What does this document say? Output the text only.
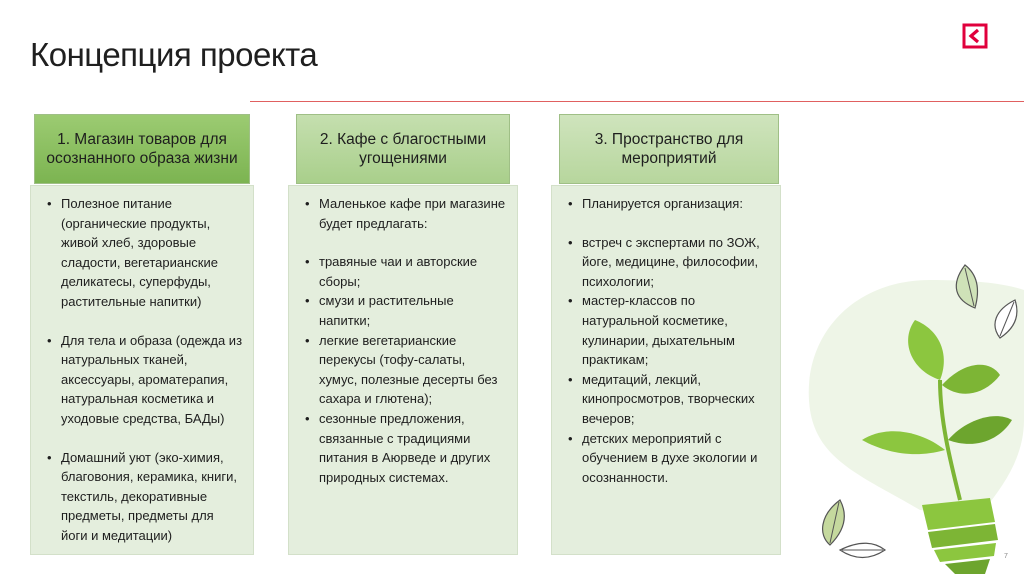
Концепция проекта
1. Магазин товаров для осознанного образа жизни
• Полезное питание (органические продукты, живой хлеб, здоровые сладости, вегетарианские деликатесы, суперфуды, растительные напитки)
• Для тела и образа (одежда из натуральных тканей, аксессуары, ароматерапия, натуральная косметика и уходовые средства, БАДы)
• Домашний уют (эко-химия, благовония, керамика, книги, текстиль, декоративные предметы, предметы для йоги и медитации)
2. Кафе с благостными угощениями
• Маленькое кафе при магазине будет предлагать:
• травяные чаи и авторские сборы;
• смузи и растительные напитки;
• легкие вегетарианские перекусы (тофу-салаты, хумус, полезные десерты без сахара и глютена);
• сезонные предложения, связанные с традициями питания в Аюрведе и других природных системах.
3. Пространство для мероприятий
• Планируется организация:
• встреч с экспертами по ЗОЖ, йоге, медицине, философии, психологии;
• мастер-классов по натуральной косметике, кулинарии, дыхательным практикам;
• медитаций, лекций, кинопросмотров, творческих вечеров;
• детских мероприятий с обучением в духе экологии и осознанности.
7
